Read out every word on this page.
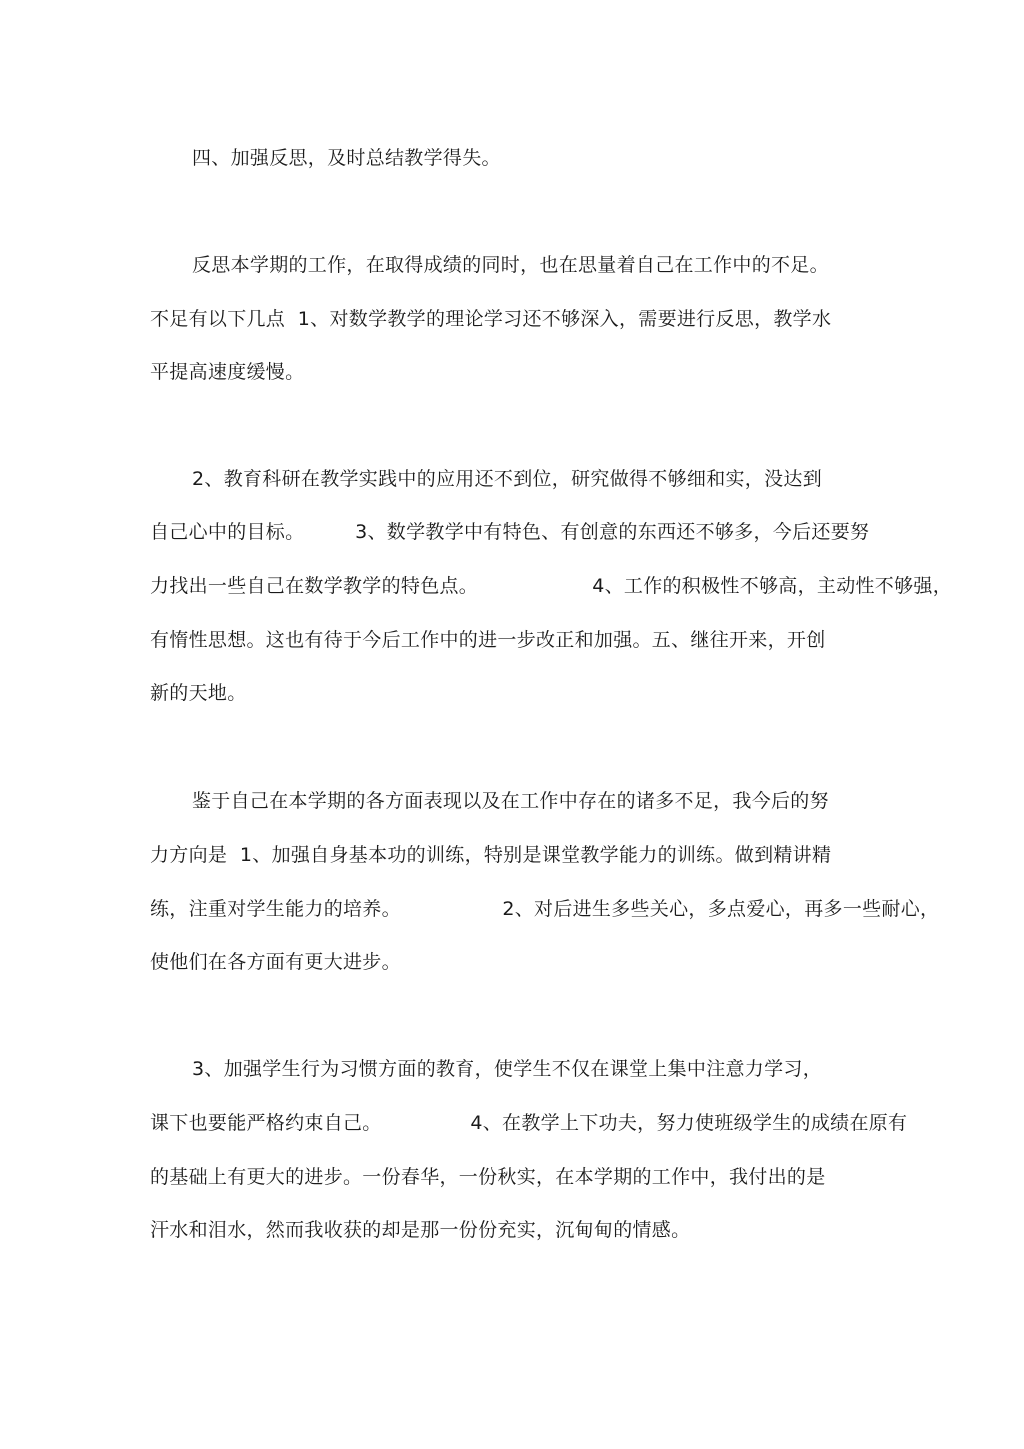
四、加强反思，及时总结教学得失。
反思本学期的工作，在取得成绩的同时，也在思量着自己在工作中的不足。
不足有以下几点  1、对数学教学的理论学习还不够深入，需要进行反思，教学水
平提高速度缓慢。
2、教育科研在教学实践中的应用还不到位，研究做得不够细和实，没达到
自己心中的目标。        3、数学教学中有特色、有创意的东西还不够多，今后还要努
力找出一些自己在数学教学的特色点。                  4、工作的积极性不够高，主动性不够强，
有惰性思想。这也有待于今后工作中的进一步改正和加强。五、继往开来，开创
新的天地。
鉴于自己在本学期的各方面表现以及在工作中存在的诸多不足，我今后的努
力方向是  1、加强自身基本功的训练，特别是课堂教学能力的训练。做到精讲精
练，注重对学生能力的培养。                2、对后进生多些关心，多点爱心，再多一些耐心，
使他们在各方面有更大进步。
3、加强学生行为习惯方面的教育，使学生不仅在课堂上集中注意力学习，
课下也要能严格约束自己。              4、在教学上下功夫，努力使班级学生的成绩在原有
的基础上有更大的进步。一份春华，一份秋实，在本学期的工作中，我付出的是
汗水和泪水，然而我收获的却是那一份份充实，沉甸甸的情感。
